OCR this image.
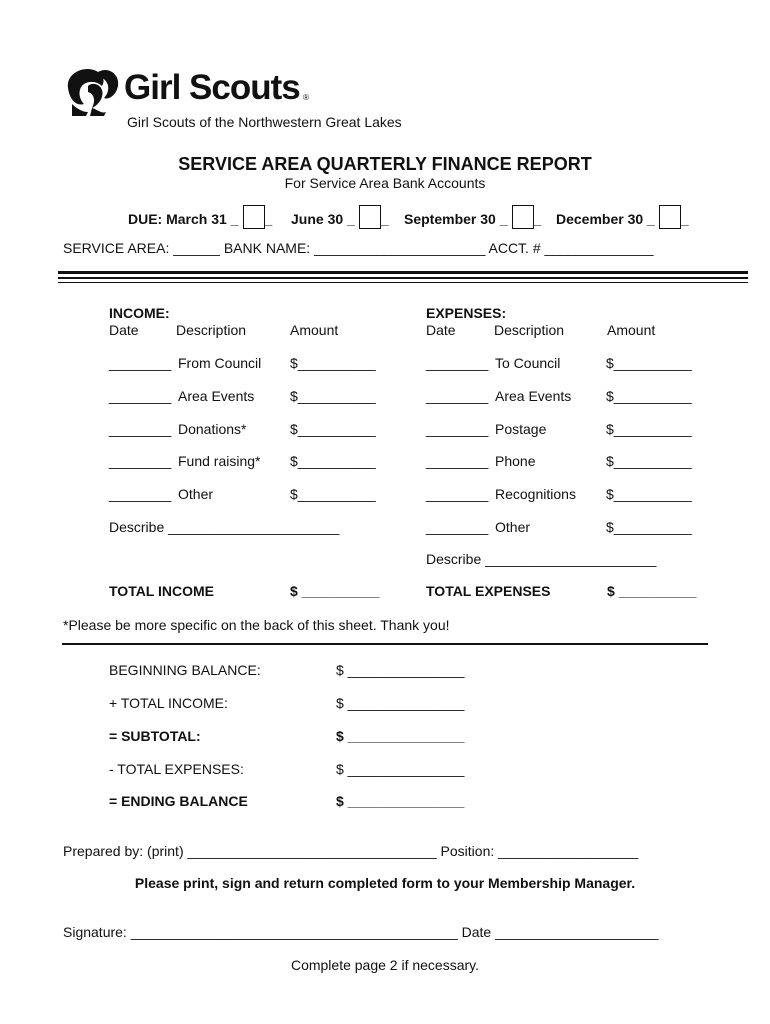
Girl Scouts ®
Girl Scouts of the Northwestern Great Lakes
SERVICE AREA QUARTERLY FINANCE REPORT
For Service Area Bank Accounts
DUE: March 31 _ _ June 30 _ _ September 30 _ _ December 30 _ _
SERVICE AREA: ______ BANK NAME: ______________________ ACCT. # ______________
INCOME:
Date	Description	Amount
________ From Council $__________
________ Area Events	$__________
________ Donations*	$__________
________ Fund raising* $__________
________ Other	$__________
Describe ______________________
TOTAL INCOME	$ __________
EXPENSES:
Date	Description	Amount
________ To Council	$__________
________ Area Events $__________
________ Postage	$__________
________ Phone	$__________
________ Recognitions $__________
________ Other	$__________
Describe ______________________
TOTAL EXPENSES	$ __________
*Please be more specific on the back of this sheet. Thank you!
BEGINNING BALANCE:	$ _______________
+ TOTAL INCOME:	$ _______________
= SUBTOTAL:	$ _______________
- TOTAL EXPENSES:	$ _______________
= ENDING BALANCE	$ _______________
Prepared by: (print) ________________________________ Position: __________________
Please print, sign and return completed form to your Membership Manager.
Signature: __________________________________________ Date _____________________
Complete page 2 if necessary.
